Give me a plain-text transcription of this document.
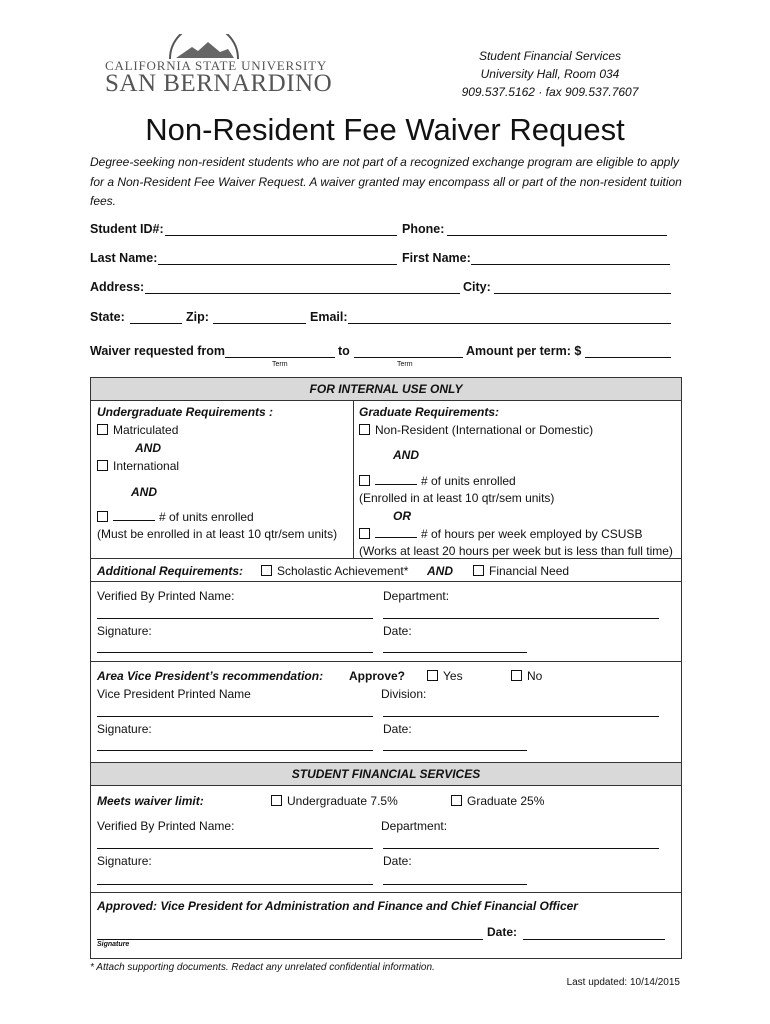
CALIFORNIA STATE UNIVERSITY
SAN BERNARDINO
Student Financial Services
University Hall, Room 034
909.537.5162 · fax 909.537.7607
Non-Resident Fee Waiver Request
Degree-seeking non-resident students who are not part of a recognized exchange program are eligible to apply for a Non-Resident Fee Waiver Request. A waiver granted may encompass all or part of the non-resident tuition fees.
Student ID#:	Phone:
Last Name:	First Name:
Address:	City:
State:	Zip:	Email:
Waiver requested from	to	Amount per term: $
Term	Term
FOR INTERNAL USE ONLY
Undergraduate Requirements :
Matriculated
AND
International
AND
# of units enrolled
(Must be enrolled in at least 10 qtr/sem units)
Graduate Requirements:
Non-Resident (International or Domestic)
AND
# of units enrolled
(Enrolled in at least 10 qtr/sem units)
OR
# of hours per week employed by CSUSB
(Works at least 20 hours per week but is less than full time)
Additional Requirements:	Scholastic Achievement* AND	Financial Need
Verified By Printed Name:	Department:
Signature:	Date:
Area Vice President’s recommendation: Approve?	Yes	No
Vice President Printed Name	Division:
Signature:	Date:
STUDENT FINANCIAL SERVICES
Meets waiver limit:	Undergraduate 7.5%	Graduate 25%
Verified By Printed Name:	Department:
Signature:	Date:
Approved: Vice President for Administration and Finance and Chief Financial Officer
Date:
Signature
* Attach supporting documents. Redact any unrelated confidential information.
Last updated: 10/14/2015
